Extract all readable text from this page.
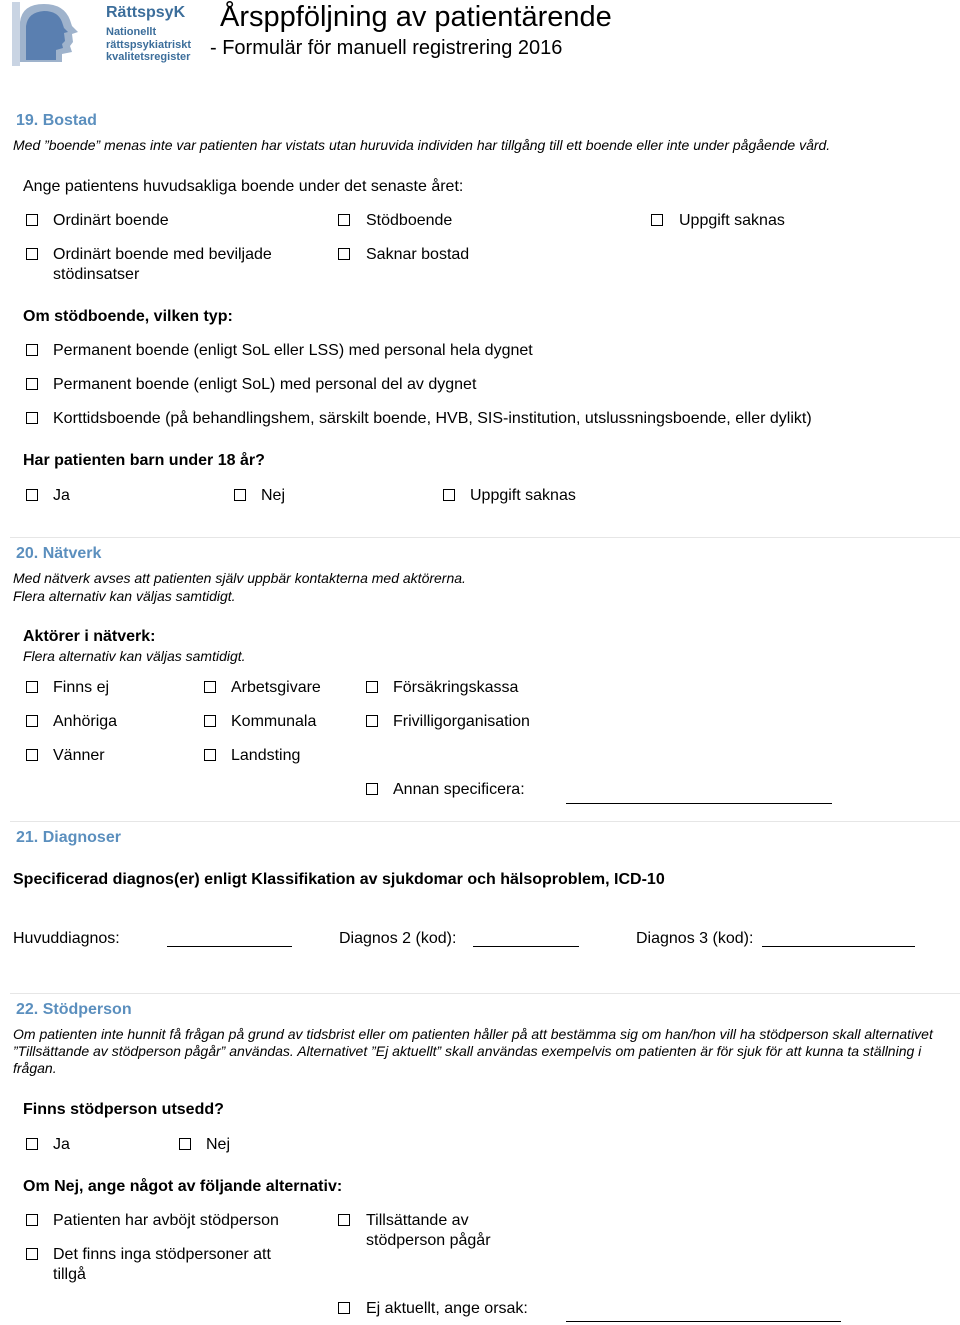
RättspsyK
Nationellt
rättspsykiatriskt
kvalitetsregister
Årsppföljning av patientärende
- Formulär för manuell registrering 2016
19. Bostad
Med ”boende” menas inte var patienten har vistats utan huruvida individen har tillgång till ett boende eller inte under pågående vård.
Ange patientens huvudsakliga boende under det senaste året:
Ordinärt boende	Stödboende	Uppgift saknas
Ordinärt boende med beviljade stödinsatser
Saknar bostad
Om stödboende, vilken typ:
Permanent boende (enligt SoL eller LSS) med personal hela dygnet
Permanent boende (enligt SoL) med personal del av dygnet
Korttidsboende (på behandlingshem, särskilt boende, HVB, SIS-institution, utslussningsboende, eller dylikt)
Har patienten barn under 18 år?
Ja	Nej	Uppgift saknas
20. Nätverk
Med nätverk avses att patienten själv uppbär kontakterna med aktörerna.
Flera alternativ kan väljas samtidigt.
Aktörer i nätverk:
Flera alternativ kan väljas samtidigt.
Finns ej	Arbetsgivare	Försäkringskassa
Anhöriga	Kommunala	Frivilligorganisation
Vänner	Landsting
Annan specificera:
21. Diagnoser
Specificerad diagnos(er) enligt Klassifikation av sjukdomar och hälsoproblem, ICD-10
Huvuddiagnos:	Diagnos 2 (kod):	Diagnos 3 (kod):
22. Stödperson
Om patienten inte hunnit få frågan på grund av tidsbrist eller om patienten håller på att bestämma sig om han/hon vill ha stödperson skall alternativet ”Tillsättande av stödperson pågår” användas. Alternativet ”Ej aktuellt” skall användas exempelvis om patienten är för sjuk för att kunna ta ställning i frågan.
Finns stödperson utsedd?
Ja	Nej
Om Nej, ange något av följande alternativ:
Patienten har avböjt stödperson	Tillsättande av stödperson pågår
Det finns inga stödpersoner att tillgå
Ej aktuellt, ange orsak:
